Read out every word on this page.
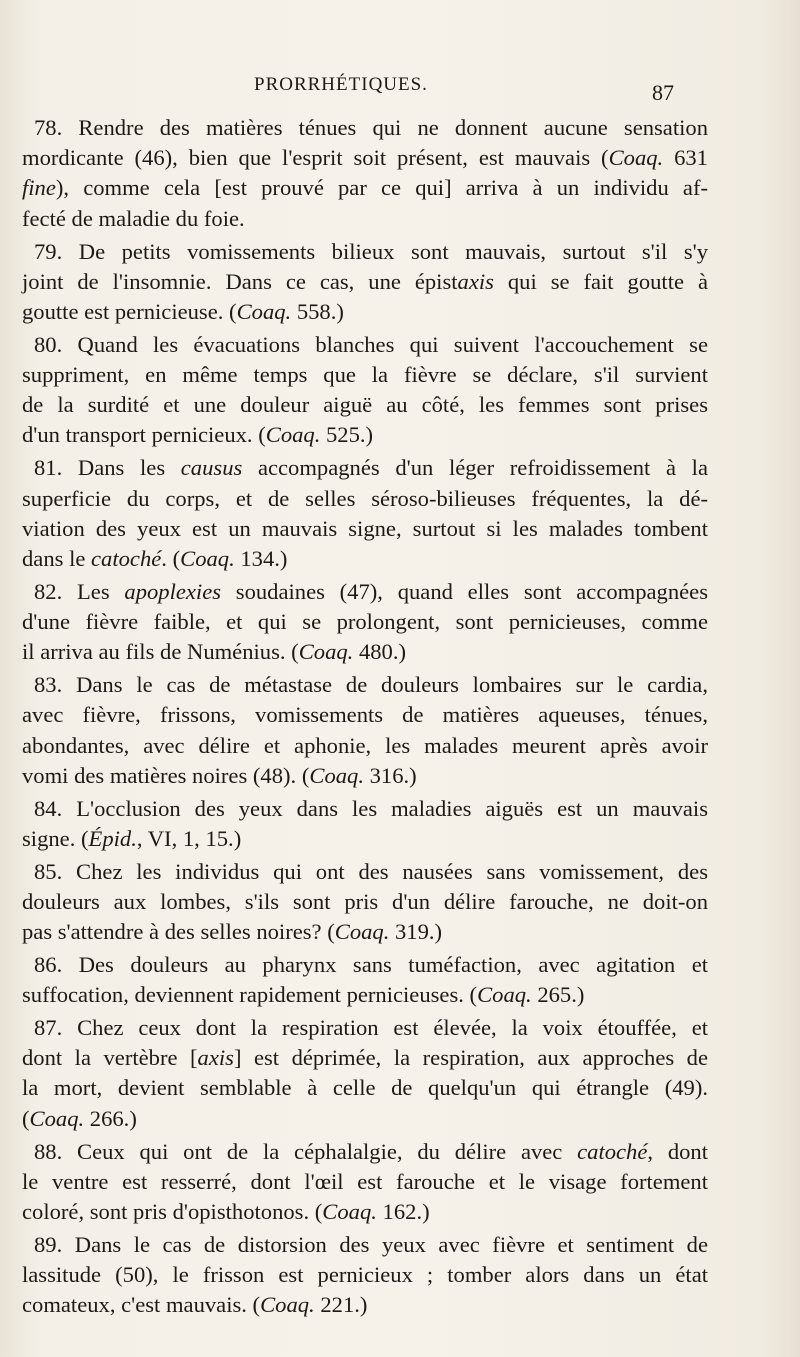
PRORRHÉTIQUES.	87
78. Rendre des matières ténues qui ne donnent aucune sensation
mordicante (46), bien que l'esprit soit présent, est mauvais (Coaq. 631
fine), comme cela [est prouvé par ce qui] arriva à un individu af-
fecté de maladie du foie.
79. De petits vomissements bilieux sont mauvais, surtout s'il s'y
joint de l'insomnie. Dans ce cas, une épistaxis qui se fait goutte à
goutte est pernicieuse. (Coaq. 558.)
80. Quand les évacuations blanches qui suivent l'accouchement se
suppriment, en même temps que la fièvre se déclare, s'il survient
de la surdité et une douleur aiguë au côté, les femmes sont prises
d'un transport pernicieux. (Coaq. 525.)
81. Dans les causus accompagnés d'un léger refroidissement à la
superficie du corps, et de selles séroso-bilieuses fréquentes, la dé-
viation des yeux est un mauvais signe, surtout si les malades tombent
dans le catoché. (Coaq. 134.)
82. Les apoplexies soudaines (47), quand elles sont accompagnées
d'une fièvre faible, et qui se prolongent, sont pernicieuses, comme
il arriva au fils de Numénius. (Coaq. 480.)
83. Dans le cas de métastase de douleurs lombaires sur le cardia,
avec fièvre, frissons, vomissements de matières aqueuses, ténues,
abondantes, avec délire et aphonie, les malades meurent après avoir
vomi des matières noires (48). (Coaq. 316.)
84. L'occlusion des yeux dans les maladies aiguës est un mauvais
signe. (Épid., VI, 1, 15.)
85. Chez les individus qui ont des nausées sans vomissement, des
douleurs aux lombes, s'ils sont pris d'un délire farouche, ne doit-on
pas s'attendre à des selles noires? (Coaq. 319.)
86. Des douleurs au pharynx sans tuméfaction, avec agitation et
suffocation, deviennent rapidement pernicieuses. (Coaq. 265.)
87. Chez ceux dont la respiration est élevée, la voix étouffée, et
dont la vertèbre [axis] est déprimée, la respiration, aux approches de
la mort, devient semblable à celle de quelqu'un qui étrangle (49).
(Coaq. 266.)
88. Ceux qui ont de la céphalalgie, du délire avec catoché, dont
le ventre est resserré, dont l'œil est farouche et le visage fortement
coloré, sont pris d'opisthotonos. (Coaq. 162.)
89. Dans le cas de distorsion des yeux avec fièvre et sentiment de
lassitude (50), le frisson est pernicieux ; tomber alors dans un état
comateux, c'est mauvais. (Coaq. 221.)
